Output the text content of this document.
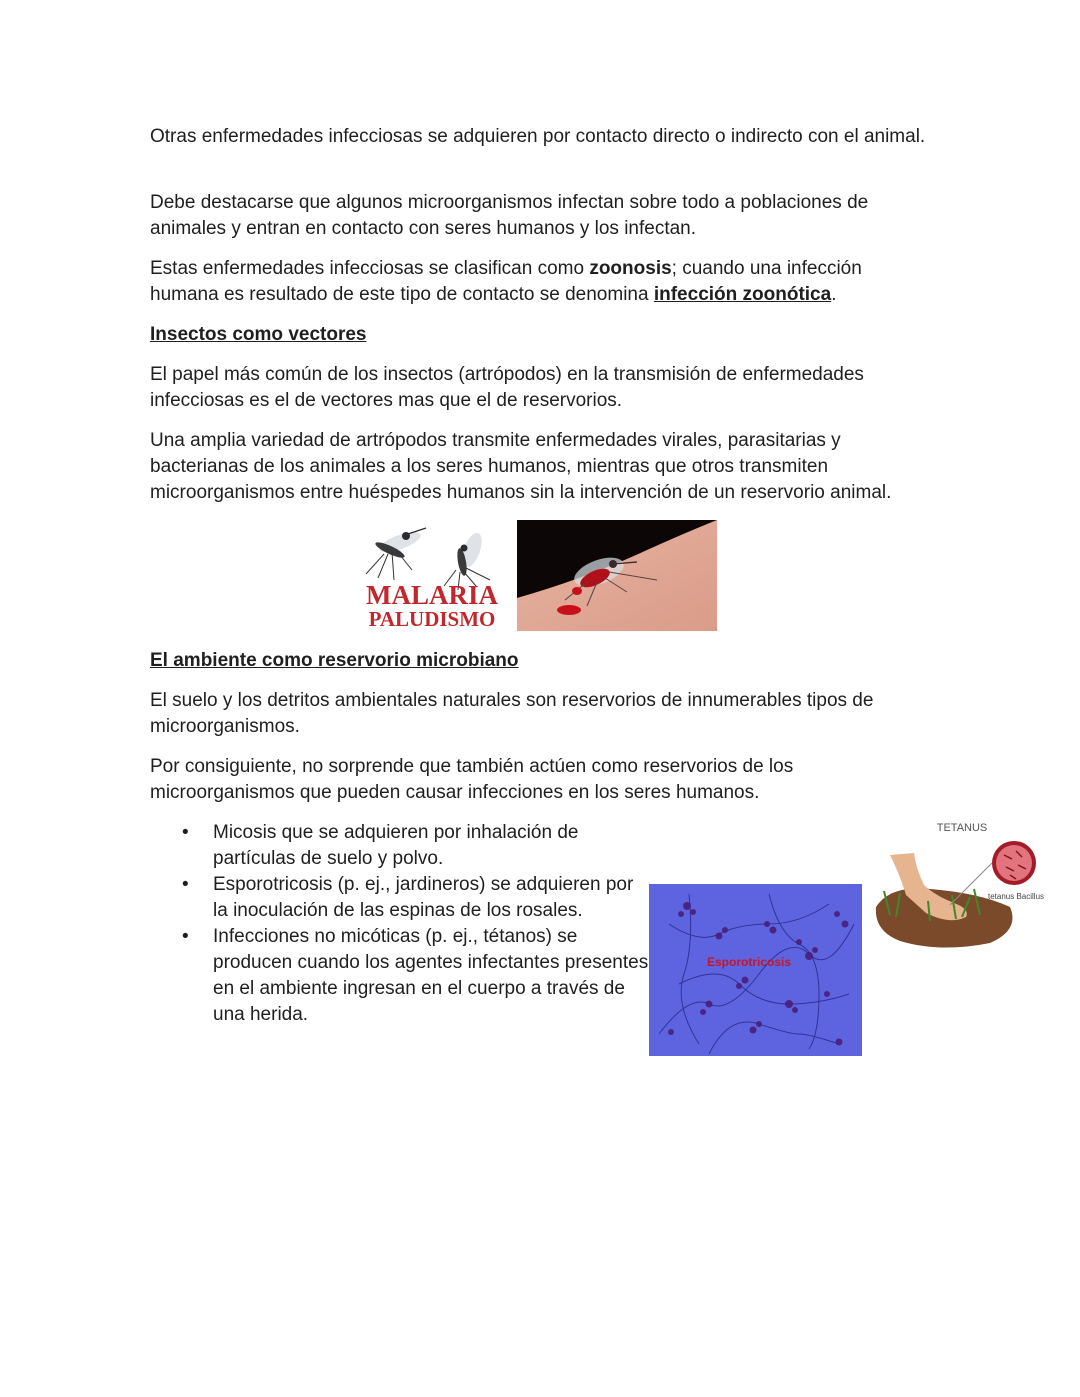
Otras enfermedades infecciosas se adquieren por contacto directo o indirecto con el animal.

Debe destacarse que algunos microorganismos infectan sobre todo a poblaciones de animales y entran en contacto con seres humanos y los infectan.

Estas enfermedades infecciosas se clasifican como zoonosis; cuando una infección humana es resultado de este tipo de contacto se denomina infección zoonótica.

Insectos como vectores

El papel más común de los insectos (artrópodos) en la transmisión de enfermedades infecciosas es el de vectores mas que el de reservorios.

Una amplia variedad de artrópodos transmite enfermedades virales, parasitarias y bacterianas de los animales a los seres humanos, mientras que otros transmiten microorganismos entre huéspedes humanos sin la intervención de un reservorio animal.

MALARIA
PALUDISMO
El ambiente como reservorio microbiano

El suelo y los detritos ambientales naturales son reservorios de innumerables tipos de microorganismos.

Por consiguiente, no sorprende que también actúen como reservorios de los microorganismos que pueden causar infecciones en los seres humanos.

• Micosis que se adquieren por inhalación de partículas de suelo y polvo.
• Esporotricosis (p. ej., jardineros) se adquieren por la inoculación de las espinas de los rosales.
• Infecciones no micóticas (p. ej., tétanos) se producen cuando los agentes infectantes presentes en el ambiente ingresan en el cuerpo a través de una herida.
Esporotricosis
TETANUS
tetanus Bacillus
